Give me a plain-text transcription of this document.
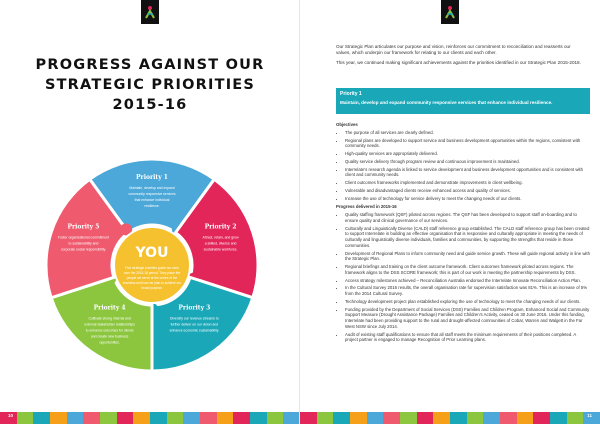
PROGRESS AGAINST OUR
STRATEGIC PRIORITIES
2015-16
Priority 1
Maintain, develop and expand
community responsive services
that enhance individual
resilience.
Priority 2
Attract, retain, and grow
a skilled, diverse and
sustainable workforce.
Priority 3
Diversify our revenue streams to
further deliver on our vision and
enhance economic sustainability.
Priority 4
Cultivate strong internal and
external stakeholder relationships
to enhance outcomes for clients
and create new business
opportunities.
Priority 5
Foster organisational commitment
to sustainability and
corporate social responsibility. YOU
Five strategic priorities guide our work
over the 2015-18 period. They place the
people we serve at the centre of the
business and how we plan to achieve our
broad purpose.
10

Our Strategic Plan articulates our purpose and vision, reinforces our commitment to reconciliation and reasserts our values, which underpin our framework for relating to our clients and each other.

This year, we continued making significant achievements against the priorities identified in our Strategic Plan 2015-2018.

Priority 1
Maintain, develop and expand community responsive services that enhance individual resilience.
Objectives
• The purpose of all services are clearly defined.
• Regional plans are developed to support service and business development opportunities within the regions, consistent with community needs.
• High-quality services are appropriately delivered.
• Quality service delivery through program review and continuous improvement is maintained.
• Interrelate's research agenda is linked to service development and business development opportunities and is consistent with client and community needs.
• Client outcomes frameworks implemented and demonstrate improvements in client wellbeing.
• Vulnerable and disadvantaged clients receive enhanced access and quality of services.
• Increase the use of technology for service delivery to meet the changing needs of our clients.
Progress delivered in 2015-16
• Quality staffing framework (QSF) piloted across regions. The QSF has been developed to support staff on-boarding and to ensure quality and clinical governance of our services.
• Culturally and Linguistically Diverse (CALD) staff reference group established. The CALD staff reference group has been created to support Interrelate in building an effective organisation that is responsive and culturally appropriate in meeting the needs of culturally and linguistically diverse individuals, families and communities, by supporting the strengths that reside in those communities.
• Development of Regional Plans to inform community need and guide service growth. These will guide regional activity in line with the Strategic Plan.
• Regional briefings and training on the client outcome framework. Client outcomes framework piloted across regions. The framework aligns to the DSS SCORE framework; this is part of our work in meeting the partnership requirements by DSS.
• Access strategy milestones achieved – Reconciliation Australia endorsed the Interrelate Innovate Reconciliation Action Plan.
• In the Cultural Survey 2016 results, the overall organisation rate for supervision satisfaction was 81%. This is an increase of 5% from the 2014 Cultural Survey.
• Technology development project plan established exploring the use of technology to meet the changing needs of our clients.
• Funding provided by the Department of Social Services (DSS) Families and Children Program, Enhanced Social and Community Support Measure (Drought Assistance Package) Families and Children's Activity, ceased on 30 June 2016. Under this funding, Interrelate had been providing support to the rural and drought-affected communities of Cobar, Warren and Walgett in the Far West NSW since July 2014.
• Audit of existing staff qualifications to ensure that all staff meets the minimum requirements of their positions completed. A project partner is engaged to manage Recognition of Prior Learning plans.
11
